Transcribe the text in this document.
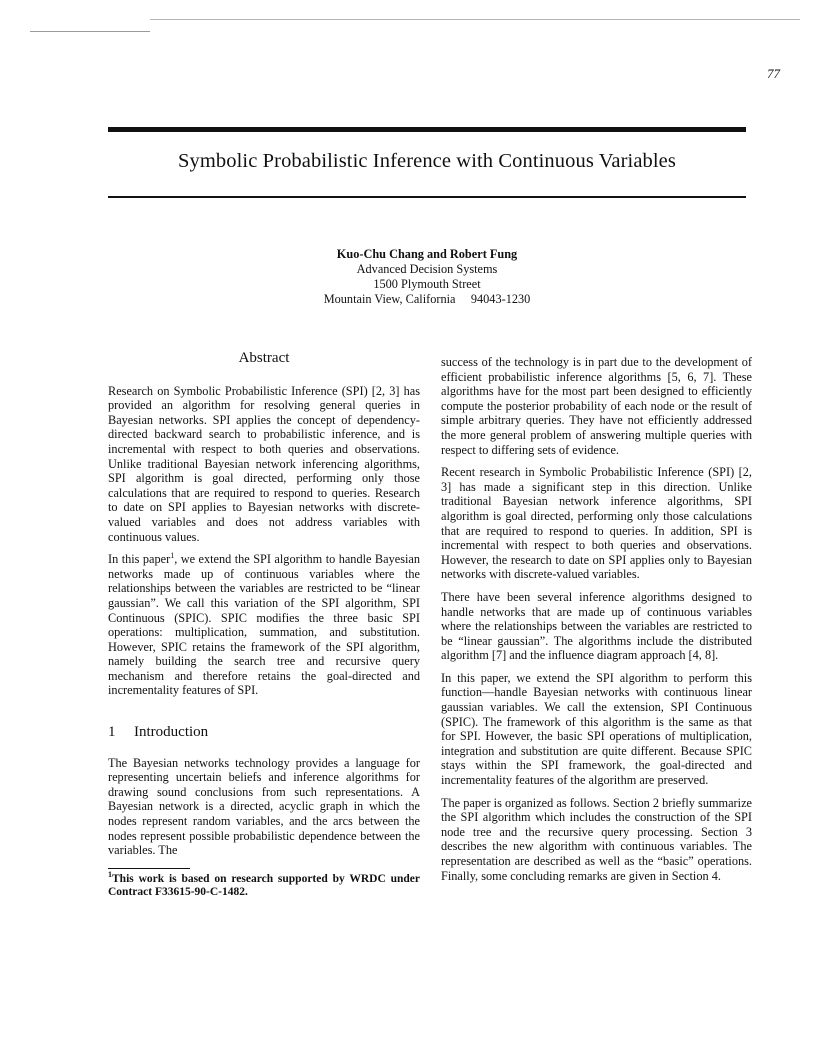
77
Symbolic Probabilistic Inference with Continuous Variables
Kuo-Chu Chang and Robert Fung
Advanced Decision Systems
1500 Plymouth Street
Mountain View, California 94043-1230
Abstract

Research on Symbolic Probabilistic Inference (SPI) [2, 3] has provided an algorithm for resolving general queries in Bayesian networks. SPI applies the concept of dependency-directed backward search to probabilistic inference, and is incremental with respect to both queries and observations. Unlike traditional Bayesian network inferencing algorithms, SPI algorithm is goal directed, performing only those calculations that are required to respond to queries. Research to date on SPI applies to Bayesian networks with discrete-valued variables and does not address variables with continuous values.

In this paper$^1$, we extend the SPI algorithm to handle Bayesian networks made up of continuous variables where the relationships between the variables are restricted to be “linear gaussian”. We call this variation of the SPI algorithm, SPI Continuous (SPIC). SPIC modifies the three basic SPI operations: multiplication, summation, and substitution. However, SPIC retains the framework of the SPI algorithm, namely building the search tree and recursive query mechanism and therefore retains the goal-directed and incrementality features of SPI.

1 Introduction

The Bayesian networks technology provides a language for representing uncertain beliefs and inference algorithms for drawing sound conclusions from such representations. A Bayesian network is a directed, acyclic graph in which the nodes represent random variables, and the arcs between the nodes represent possible probabilistic dependence between the variables. The

$^1$This work is based on research supported by WRDC under Contract F33615-90-C-1482.

success of the technology is in part due to the development of efficient probabilistic inference algorithms [5, 6, 7]. These algorithms have for the most part been designed to efficiently compute the posterior probability of each node or the result of simple arbitrary queries. They have not efficiently addressed the more general problem of answering multiple queries with respect to differing sets of evidence.

Recent research in Symbolic Probabilistic Inference (SPI) [2, 3] has made a significant step in this direction. Unlike traditional Bayesian network inference algorithms, SPI algorithm is goal directed, performing only those calculations that are required to respond to queries. In addition, SPI is incremental with respect to both queries and observations. However, the research to date on SPI applies only to Bayesian networks with discrete-valued variables.

There have been several inference algorithms designed to handle networks that are made up of continuous variables where the relationships between the variables are restricted to be “linear gaussian”. The algorithms include the distributed algorithm [7] and the influence diagram approach [4, 8].

In this paper, we extend the SPI algorithm to perform this function—handle Bayesian networks with continuous linear gaussian variables. We call the extension, SPI Continuous (SPIC). The framework of this algorithm is the same as that for SPI. However, the basic SPI operations of multiplication, integration and substitution are quite different. Because SPIC stays within the SPI framework, the goal-directed and incrementality features of the algorithm are preserved.

The paper is organized as follows. Section 2 briefly summarize the SPI algorithm which includes the construction of the SPI node tree and the recursive query processing. Section 3 describes the new algorithm with continuous variables. The representation are described as well as the “basic” operations. Finally, some concluding remarks are given in Section 4.
